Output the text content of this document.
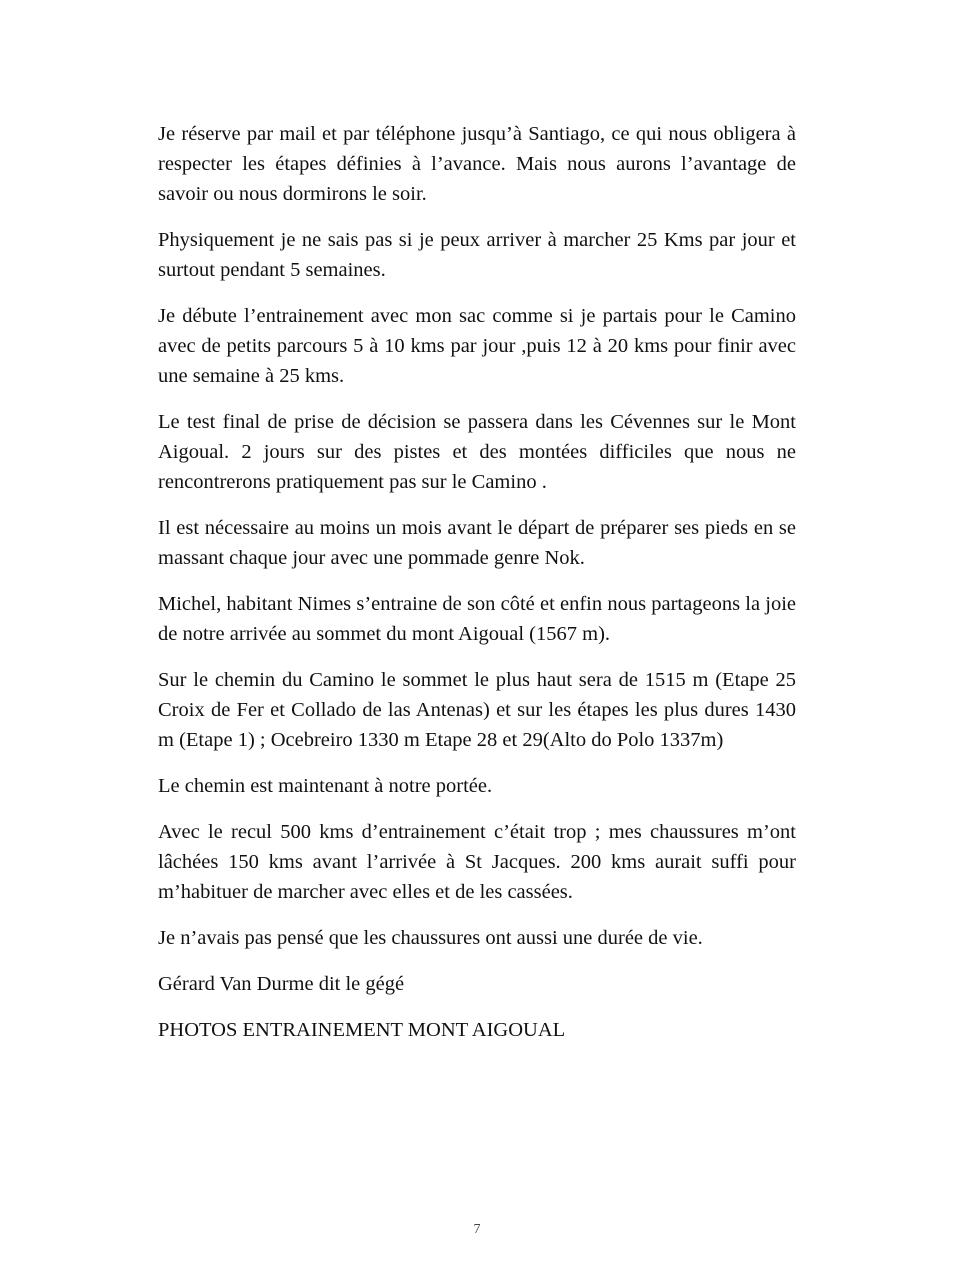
Je réserve par mail et par téléphone jusqu’à Santiago, ce qui nous obligera à respecter les étapes définies à l’avance. Mais nous aurons l’avantage de savoir ou nous dormirons le soir.

Physiquement je ne sais pas si je peux arriver à marcher 25 Kms par jour et surtout pendant 5 semaines.

Je débute l’entrainement avec mon sac comme si je partais pour le Camino avec de petits parcours 5 à 10 kms par jour ,puis 12 à 20 kms pour finir avec une semaine à 25 kms.

Le test final de prise de décision se passera dans les Cévennes sur le Mont Aigoual. 2 jours sur des pistes et des montées difficiles que nous ne rencontrerons pratiquement pas sur le Camino .

Il est nécessaire au moins un mois avant le départ de préparer ses pieds en se massant chaque jour avec une pommade genre Nok.

Michel, habitant Nimes s’entraine de son côté et enfin nous partageons la joie de notre arrivée au sommet du mont Aigoual (1567 m).

Sur le chemin du Camino le sommet le plus haut sera de 1515 m (Etape 25 Croix de Fer et Collado de las Antenas) et sur les étapes les plus dures 1430 m (Etape 1) ; Ocebreiro 1330 m Etape 28 et 29(Alto do Polo 1337m)

Le chemin est maintenant à notre portée.

Avec le recul 500 kms d’entrainement c’était trop ; mes chaussures m’ont lâchées 150 kms avant l’arrivée à St Jacques. 200 kms aurait suffi pour m’habituer de marcher avec elles et de les cassées.

Je n’avais pas pensé que les chaussures ont aussi une durée de vie.

Gérard Van Durme dit le gégé

PHOTOS ENTRAINEMENT MONT AIGOUAL

7
